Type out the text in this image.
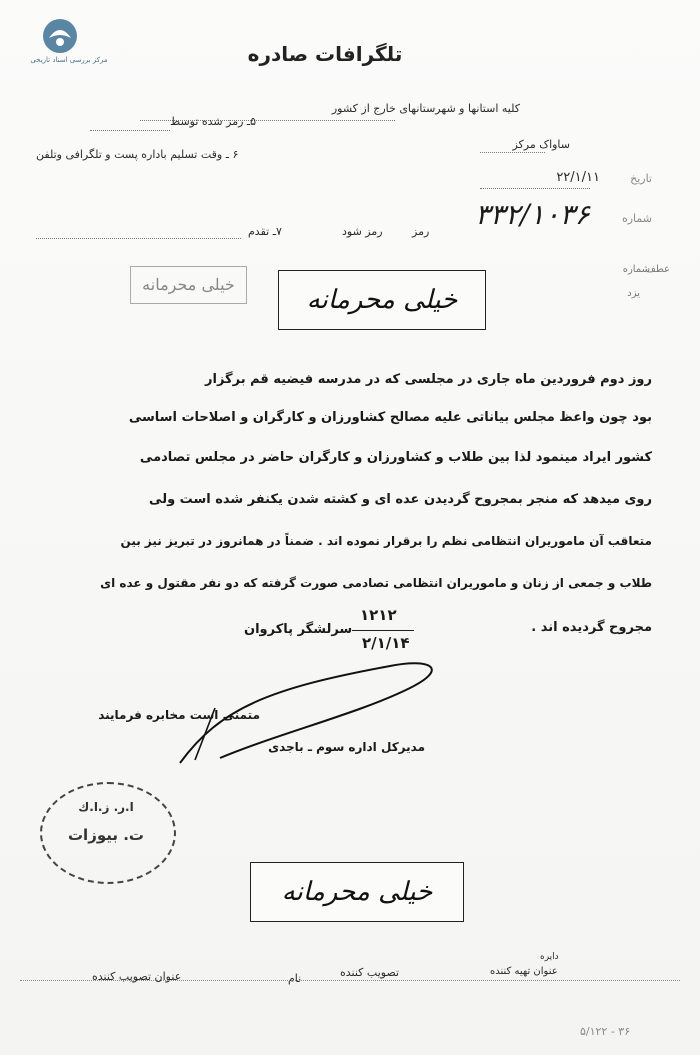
مرکز بررسی اسناد تاریخی	تلگرافات صادره
کلیه استانها و شهرستانهای خارج از کشور
۵ـ رمز شده توسط
ساواک مرکز
۶ ـ وقت تسلیم باداره پست و تلگرافی وتلفن
تاریخ
۲۲/۱/۱۱
شماره
۳۳۲/۱۰۳۶
۷ـ تقدم	رمز شود	رمز
شماره
عطف
یزد
خیلی محرمانه
خیلی محرمانه
روز دوم فروردین ماه جاری در مجلسی که در مدرسه فیضیه قم برگزار
بود چون واعظ مجلس بیاناتی علیه مصالح کشاورزان و کارگران و اصلاحات اساسی
کشور ایراد مینمود لذا بین طلاب و کشاورزان و کارگران حاضر در مجلس تصادمی
روی میدهد که منجر بمجروح گردیدن عده ای و کشته شدن یکنفر شده است ولی
متعاقب آن ماموریران انتظامی نظم را برقرار نموده اند . ضمناً در همانروز در تبریز نیز بین
طلاب و جمعی از زنان و ماموریران انتظامی تصادمی صورت گرفته که دو نفر مقتول و عده ای
مجروح گردیده اند .
۱۲۱۲
۲/۱/۱۴
سرلشگر پاکروان
متمنی است مخابره فرمایند
مدیرکل اداره سوم ـ باجدی
ا.ر. ز.ا.ك
ت. بیوزات
خیلی محرمانه
دایره
عنوان تهیه کننده
تصویب کننده
نام
عنوان تصویب کننده
۵/۱۲۲ - ۳۶
